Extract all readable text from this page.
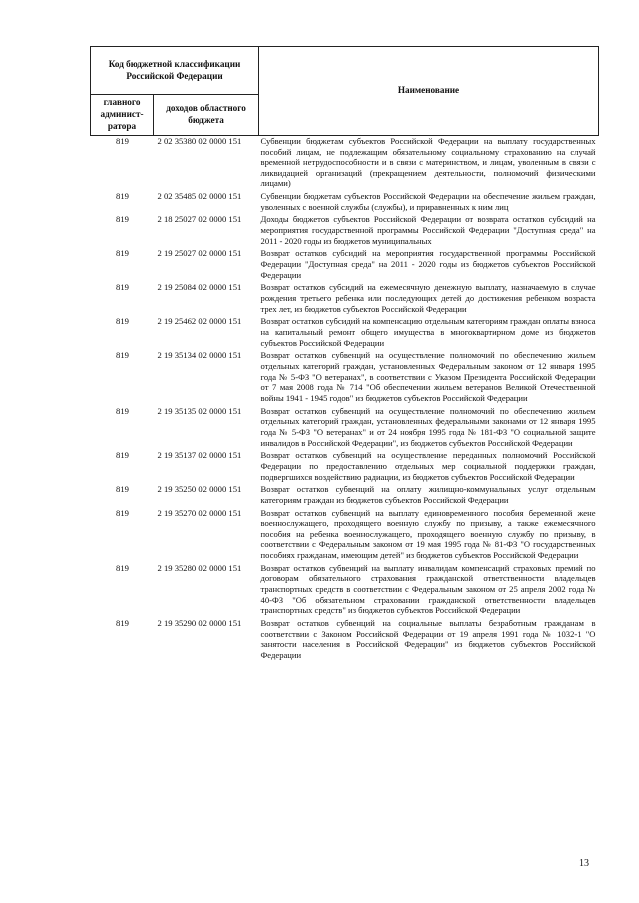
Код бюджетной классификации Российской Федерации		Наименование
главного админист-ратора	доходов областного бюджета	
819	2 02 35380 02 0000 151	Субвенции бюджетам субъектов Российской Федерации на выплату государственных пособий лицам, не подлежащим обязательному социальному страхованию на случай временной нетрудоспособности и в связи с материнством, и лицам, уволенным в связи с ликвидацией организаций (прекращением деятельности, полномочий физическими лицами)
819	2 02 35485 02 0000 151	Субвенции бюджетам субъектов Российской Федерации на обеспечение жильем граждан, уволенных с военной службы (службы), и приравненных к ним лиц
819	2 18 25027 02 0000 151	Доходы бюджетов субъектов Российской Федерации от возврата остатков субсидий на мероприятия государственной программы Российской Федерации "Доступная среда" на 2011 - 2020 годы из бюджетов муниципальных
819	2 19 25027 02 0000 151	Возврат остатков субсидий на мероприятия государственной программы Российской Федерации "Доступная среда" на 2011 - 2020 годы из бюджетов субъектов Российской Федерации
819	2 19 25084 02 0000 151	Возврат остатков субсидий на ежемесячную денежную выплату, назначаемую в случае рождения третьего ребенка или последующих детей до достижения ребенком возраста трех лет, из бюджетов субъектов Российской Федерации
819	2 19 25462 02 0000 151	Возврат остатков субсидий на компенсацию отдельным категориям граждан оплаты взноса на капитальный ремонт общего имущества в многоквартирном доме из бюджетов субъектов Российской Федерации
819	2 19 35134 02 0000 151	Возврат остатков субвенций на осуществление полномочий по обеспечению жильем отдельных категорий граждан, установленных Федеральным законом от 12 января 1995 года № 5-ФЗ "О ветеранах", в соответствии с Указом Президента Российской Федерации от 7 мая 2008 года № 714 "Об обеспечении жильем ветеранов Великой Отечественной войны 1941 - 1945 годов" из бюджетов субъектов Российской Федерации
819	2 19 35135 02 0000 151	Возврат остатков субвенций на осуществление полномочий по обеспечению жильем отдельных категорий граждан, установленных федеральными законами от 12 января 1995 года № 5-ФЗ "О ветеранах" и от 24 ноября 1995 года № 181-ФЗ "О социальной защите инвалидов в Российской Федерации", из бюджетов субъектов Российской Федерации
819	2 19 35137 02 0000 151	Возврат остатков субвенций на осуществление переданных полномочий Российской Федерации по предоставлению отдельных мер социальной поддержки граждан, подвергшихся воздействию радиации, из бюджетов субъектов Российской Федерации
819	2 19 35250 02 0000 151	Возврат остатков субвенций на оплату жилищно-коммунальных услуг отдельным категориям граждан из бюджетов субъектов Российской Федерации
819	2 19 35270 02 0000 151	Возврат остатков субвенций на выплату единовременного пособия беременной жене военнослужащего, проходящего военную службу по призыву, а также ежемесячного пособия на ребенка военнослужащего, проходящего военную службу по призыву, в соответствии с Федеральным законом от 19 мая 1995 года № 81-ФЗ "О государственных пособиях гражданам, имеющим детей" из бюджетов субъектов Российской Федерации
819	2 19 35280 02 0000 151	Возврат остатков субвенций на выплату инвалидам компенсаций страховых премий по договорам обязательного страхования гражданской ответственности владельцев транспортных средств в соответствии с Федеральным законом от 25 апреля 2002 года № 40-ФЗ "Об обязательном страховании гражданской ответственности владельцев транспортных средств" из бюджетов субъектов Российской Федерации
819	2 19 35290 02 0000 151	Возврат остатков субвенций на социальные выплаты безработным гражданам в соответствии с Законом Российской Федерации от 19 апреля 1991 года № 1032-1 "О занятости населения в Российской Федерации" из бюджетов субъектов Российской Федерации
13
